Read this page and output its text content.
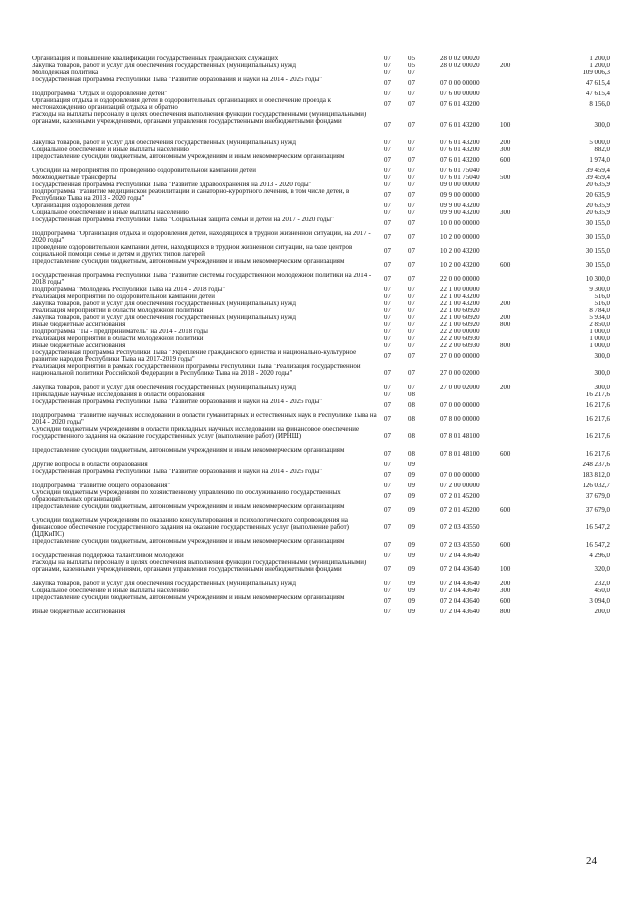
Организация и повышение квалификации государственных гражданских служащих	07	05	28 0 02 00020		1 200,0
Закупка товаров, работ и услуг для обеспечения государственных (муниципальных) нужд	07	05	28 0 02 00020	200	1 200,0
Молодежная политика	07	07			109 006,3
Государственная программа Республики Тыва "Развитие образования и науки на 2014 - 2025 годы"	07	07	07 0 00 00000		47 615,4
Подпрограмма "Отдых и оздоровление детей"	07	07	07 6 00 00000		47 615,4
Организация отдыха и оздоровления детей в оздоровительных организациях и обеспечение проезда к местонахождению организаций отдыха и обратно	07	07	07 6 01 43200		8 156,0
Расходы на выплаты персоналу в целях обеспечения выполнения функций государственными (муниципальными) органами, казенными учреждениями, органами управления государственными внебюджетными фондами	07	07	07 6 01 43200	100	300,0
Закупка товаров, работ и услуг для обеспечения государственных (муниципальных) нужд	07	07	07 6 01 43200	200	5 000,0
Социальное обеспечение и иные выплаты населению	07	07	07 6 01 43200	300	882,0
Предоставление субсидий бюджетным, автономным учреждениям и иным некоммерческим организациям	07	07	07 6 01 43200	600	1 974,0
Субсидии на мероприятия по проведению оздоровительной кампании детей	07	07	07 6 01 75040		39 459,4
Межбюджетные трансферты	07	07	07 6 01 75040	500	39 459,4
Государственная программа Республики Тыва "Развитие здравоохранения на 2013 - 2020 годы"	07	07	09 0 00 00000		20 635,9
Подпрограмма "Развитие медицинской реабилитации и санаторно-курортного лечения, в том числе детей, в Республике Тыва на 2013 - 2020 годы"	07	07	09 9 00 00000		20 635,9
Организация оздоровления детей	07	07	09 9 00 43200		20 635,9
Социальное обеспечение и иные выплаты населению	07	07	09 9 00 43200	300	20 635,9
Государственная программа Республики Тыва "Социальная защита семьи и детей на 2017 - 2020 годы"	07	07	10 0 00 00000		30 155,0
Подпрограмма "Организация отдыха и оздоровления детей, находящихся в трудной жизненной ситуации, на 2017 - 2020 годы"	07	07	10 2 00 00000		30 155,0
Проведение оздоровительной кампании детей, находящихся в трудной жизненной ситуации, на базе центров социальной помощи семье и детям и других типов лагерей	07	07	10 2 00 43200		30 155,0
Предоставление субсидий бюджетным, автономным учреждениям и иным некоммерческим организациям	07	07	10 2 00 43200	600	30 155,0
Государственная программа Республики Тыва "Развитие системы государственной молодежной политики на 2014 - 2018 годы"	07	07	22 0 00 00000		10 300,0
Подпрограмма "Молодежь Республики Тыва на 2014 - 2018 годы"	07	07	22 1 00 00000		9 300,0
Реализация мероприятий по оздоровительной кампании детей	07	07	22 1 00 43200		516,0
Закупка товаров, работ и услуг для обеспечения государственных (муниципальных) нужд	07	07	22 1 00 43200	200	516,0
Реализация мероприятий в области молодежной политики	07	07	22 1 00 60920		8 784,0
Закупка товаров, работ и услуг для обеспечения государственных (муниципальных) нужд	07	07	22 1 00 60920	200	5 934,0
Иные бюджетные ассигнования	07	07	22 1 00 60920	800	2 850,0
Подпрограмма "Ты - предприниматель" на 2014 - 2018 годы	07	07	22 2 00 00000		1 000,0
Реализация мероприятий в области молодежной политики	07	07	22 2 00 60930		1 000,0
Иные бюджетные ассигнования	07	07	22 2 00 60930	800	1 000,0
Государственная программа Республики Тыва "Укрепление гражданского единства и национально-культурное развитие народов Республики Тыва на 2017-2019 годы"	07	07	27 0 00 00000		300,0
Реализация мероприятий в рамках государственной программы Республики Тыва "Реализация государственной национальной политики Российской Федерации в Республике Тыва на 2018 - 2020 годы"	07	07	27 0 00 02000		300,0
Закупка товаров, работ и услуг для обеспечения государственных (муниципальных) нужд	07	07	27 0 00 02000	200	300,0
Прикладные научные исследования в области образования	07	08			16 217,6
Государственная программа Республики Тыва "Развитие образования и науки на 2014 - 2025 годы"	07	08	07 0 00 00000		16 217,6
Подпрограмма "Развитие научных исследований в области гуманитарных и естественных наук в Республике Тыва на 2014 - 2020 годы"	07	08	07 8 00 00000		16 217,6
Субсидии бюджетным учреждениям в области прикладных научных исследований на финансовое обеспечение государственного задания на оказание государственных услуг (выполнение работ) (ИРНШ)	07	08	07 8 01 48100		16 217,6
Предоставление субсидий бюджетным, автономным учреждениям и иным некоммерческим организациям	07	08	07 8 01 48100	600	16 217,6
Другие вопросы в области образования	07	09			248 237,6
Государственная программа Республики Тыва "Развитие образования и науки на 2014 - 2025 годы"	07	09	07 0 00 00000		183 812,0
Подпрограмма "Развитие общего образования"	07	09	07 2 00 00000		126 032,7
Субсидии бюджетным учреждениям по хозяйственному управлению по обслуживанию государственных образовательных организаций	07	09	07 2 01 45200		37 679,0
Предоставление субсидий бюджетным, автономным учреждениям и иным некоммерческим организациям	07	09	07 2 01 45200	600	37 679,0
Субсидии бюджетным учреждениям по оказанию консультирования и психологического сопровождения на финансовое обеспечение государственного задания на оказание государственных услуг (выполнение работ) (ЦДКиПС)	07	09	07 2 03 43550		16 547,2
Предоставление субсидий бюджетным, автономным учреждениям и иным некоммерческим организациям	07	09	07 2 03 43550	600	16 547,2
Государственная поддержка талантливой молодежи	07	09	07 2 04 43640		4 296,0
Расходы на выплаты персоналу в целях обеспечения выполнения функций государственными (муниципальными) органами, казенными учреждениями, органами управления государственными внебюджетными фондами	07	09	07 2 04 43640	100	320,0
Закупка товаров, работ и услуг для обеспечения государственных (муниципальных) нужд	07	09	07 2 04 43640	200	232,0
Социальное обеспечение и иные выплаты населению	07	09	07 2 04 43640	300	450,0
Предоставление субсидий бюджетным, автономным учреждениям и иным некоммерческим организациям	07	09	07 2 04 43640	600	3 094,0
Иные бюджетные ассигнования	07	09	07 2 04 43640	800	200,0
24
